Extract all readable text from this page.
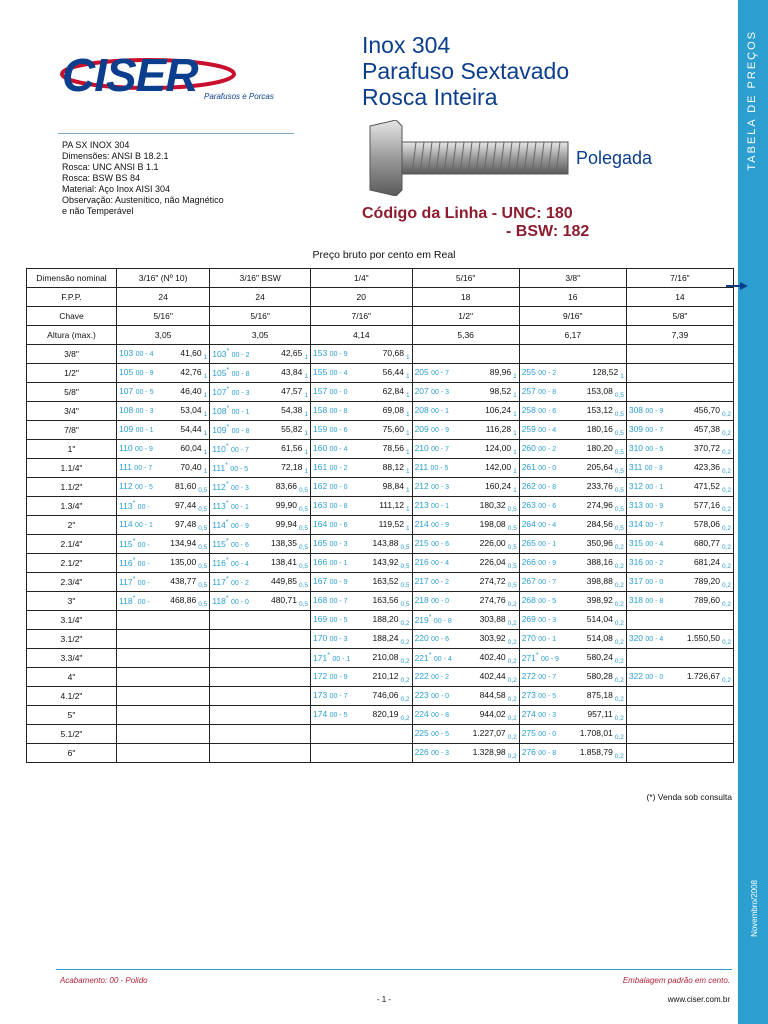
TABELA DE PREÇOS
Novembro/2008
CISER Parafusos e Porcas
Inox 304
Parafuso Sextavado
Rosca Inteira
PA SX INOX 304
Dimensões: ANSI B 18.2.1
Rosca: UNC ANSI B 1.1
Rosca: BSW BS 84
Material: Aço Inox AISI 304
Observação: Austenítico, não Magnético
e não Temperável
Polegada
Código da Linha - UNC: 180
- BSW: 182
Preço bruto por cento em Real
Dimensão nominal	3/16" (Nº 10)	3/16" BSW	1/4"	5/16"	3/8"	7/16"
F.P.P.	24	24	20	18	16	14
Chave	5/16"	5/16"	7/16"	1/2"	9/16"	5/8"
Altura (max.)	3,05	3,05	4,14	5,36	6,17	7,39
3/8"	103 00 - 4 41,60 $_1$	103* 00 - 2 42,65 $_1$	153 00 - 9 70,68 $_1$

1/2"	105 00 - 9 42,76 $_1$	105* 00 - 8 43,84 $_1$	155 00 - 4 56,44 $_1$	205 00 - 7 89,96 $_1$	255 00 - 2 128,52 $_1$

5/8"	107 00 - 5 46,40 $_1$	107* 00 - 3 47,57 $_1$	157 00 - 0 62,84 $_1$	207 00 - 3 98,52 $_1$	257 00 - 8 153,08 $_{0,5}$

3/4"	108 00 - 3 53,04 $_1$	108* 00 - 1 54,38 $_1$	158 00 - 8 69,08 $_1$	208 00 - 1 106,24 $_1$	258 00 - 6 153,12 $_{0,5}$	308 00 - 9 456,70 $_{0,2}$

7/8"	109 00 - 1 54,44 $_1$	109* 00 - 8 55,82 $_1$	159 00 - 6 75,60 $_1$	209 00 - 9 116,28 $_1$	259 00 - 4 180,16 $_{0,5}$	309 00 - 7 457,38 $_{0,2}$

1"	110 00 - 9 60,04 $_1$	110* 00 - 7 61,56 $_1$	160 00 - 4 78,56 $_1$	210 00 - 7 124,00 $_1$	260 00 - 2 180,20 $_{0,5}$	310 00 - 5 370,72 $_{0,2}$

1.1/4"	111 00 - 7 70,40 $_1$	111* 00 - 5 72,18 $_1$	161 00 - 2 88,12 $_1$	211 00 - 5 142,00 $_1$	261 00 - 0 205,64 $_{0,5}$	311 00 - 3 423,36 $_{0,2}$

1.1/2"	112 00 - 5 81,60 $_{0,5}$	112* 00 - 3 83,66 $_{0,5}$	162 00 - 0 98,84 $_1$	212 00 - 3 160,24 $_1$	262 00 - 8 233,76 $_{0,5}$	312 00 - 1 471,52 $_{0,2}$

1.3/4"	113* 00 - 97,44 $_{0,5}$	113* 00 - 1 99,90 $_{0,5}$	163 00 - 8 111,12 $_1$	213 00 - 1 180,32 $_{0,5}$	263 00 - 6 274,96 $_{0,5}$	313 00 - 9 577,16 $_{0,2}$

2"	114 00 - 1 97,48 $_{0,5}$	114* 00 - 9 99,94 $_{0,5}$	164 00 - 6 119,52 $_1$	214 00 - 9 198,08 $_{0,5}$	264 00 - 4 284,56 $_{0,5}$	314 00 - 7 578,06 $_{0,2}$

2.1/4"	115* 00 - 134,94 $_{0,5}$	115* 00 - 6 138,35 $_{0,5}$	165 00 - 3 143,88 $_{0,5}$	215 00 - 6 226,00 $_{0,5}$	265 00 - 1 350,96 $_{0,2}$	315 00 - 4 680,77 $_{0,2}$

2.1/2"	116* 00 - 135,00 $_{0,5}$	116* 00 - 4 138,41 $_{0,5}$	166 00 - 1 143,92 $_{0,5}$	216 00 - 4 226,04 $_{0,5}$	266 00 - 9 388,16 $_{0,2}$	316 00 - 2 681,24 $_{0,2}$

2.3/4"	117* 00 - 438,77 $_{0,5}$	117* 00 - 2 449,85 $_{0,5}$	167 00 - 9 163,52 $_{0,5}$	217 00 - 2 274,72 $_{0,5}$	267 00 - 7 398,88 $_{0,2}$	317 00 - 0 789,20 $_{0,2}$

3"	118* 00 - 468,86 $_{0,5}$	118* 00 - 0 480,71 $_{0,5}$	168 00 - 7 163,56 $_{0,5}$	218 00 - 0 274,76 $_{0,2}$	268 00 - 5 398,92 $_{0,2}$	318 00 - 8 789,60 $_{0,2}$

3.1/4"			169 00 - 5 188,20 $_{0,2}$	219* 00 - 8 303,88 $_{0,2}$	269 00 - 3 514,04 $_{0,2}$

3.1/2"			170 00 - 3 188,24 $_{0,2}$	220 00 - 6 303,92 $_{0,2}$	270 00 - 1 514,08 $_{0,2}$	320 00 - 4 1.550,50 $_{0,2}$

3.3/4"			171* 00 - 1 210,08 $_{0,2}$	221* 00 - 4 402,40 $_{0,2}$	271* 00 - 9 580,24 $_{0,2}$

4"			172 00 - 9 210,12 $_{0,2}$	222 00 - 2 402,44 $_{0,2}$	272 00 - 7 580,28 $_{0,2}$	322 00 - 0 1.726,67 $_{0,2}$

4.1/2"			173 00 - 7 746,06 $_{0,2}$	223 00 - 0 844,58 $_{0,2}$	273 00 - 5 875,18 $_{0,2}$

5"			174 00 - 5 820,19 $_{0,2}$	224 00 - 8 944,02 $_{0,2}$	274 00 - 3 957,11 $_{0,2}$

5.1/2"				225 00 - 5 1.227,07 $_{0,2}$	275 00 - 0 1.708,01 $_{0,2}$

6"				226 00 - 3 1.328,98 $_{0,2}$	276 00 - 8 1.858,79 $_{0,2}$

(*) Venda sob consulta
Acabamento: 00 - Polido	Embalagem padrão em cento.
- 1 -	www.ciser.com.br
